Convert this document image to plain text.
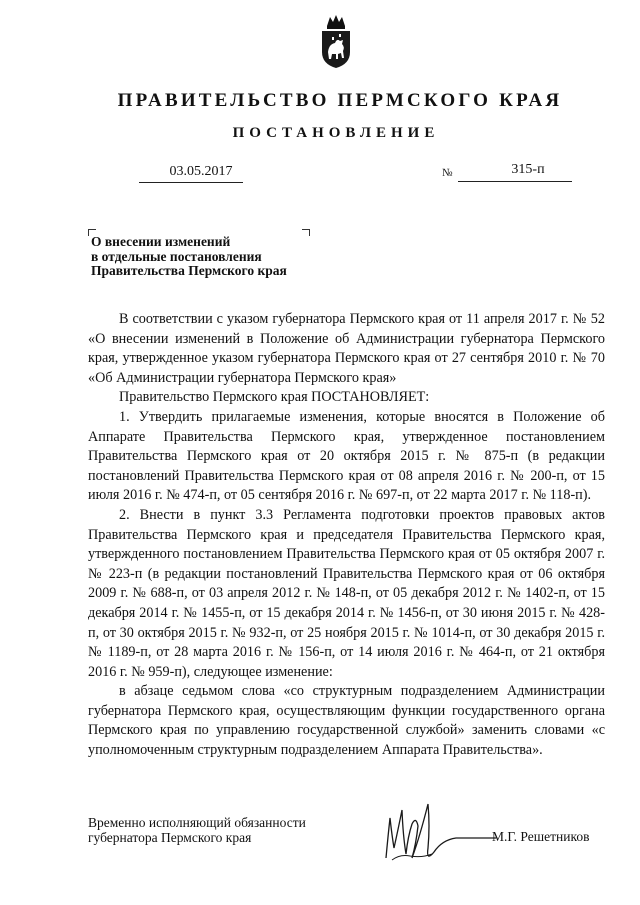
ПРАВИТЕЛЬСТВО ПЕРМСКОГО КРАЯ
ПОСТАНОВЛЕНИЕ
03.05.2017	№	315-п
О внесении изменений
в отдельные постановления
Правительства Пермского края

В соответствии с указом губернатора Пермского края от 11 апреля 2017 г. № 52 «О внесении изменений в Положение об Администрации губернатора Пермского края, утвержденное указом губернатора Пермского края от 27 сентября 2010 г. № 70 «Об Администрации губернатора Пермского края»

Правительство Пермского края ПОСТАНОВЛЯЕТ:

1. Утвердить прилагаемые изменения, которые вносятся в Положение об Аппарате Правительства Пермского края, утвержденное постановлением Правительства Пермского края от 20 октября 2015 г. № 875-п (в редакции постановлений Правительства Пермского края от 08 апреля 2016 г. № 200-п, от 15 июля 2016 г. № 474-п, от 05 сентября 2016 г. № 697-п, от 22 марта 2017 г. № 118-п).

2. Внести в пункт 3.3 Регламента подготовки проектов правовых актов Правительства Пермского края и председателя Правительства Пермского края, утвержденного постановлением Правительства Пермского края от 05 октября 2007 г. № 223-п (в редакции постановлений Правительства Пермского края от 06 октября 2009 г. № 688-п, от 03 апреля 2012 г. № 148-п, от 05 декабря 2012 г. № 1402-п, от 15 декабря 2014 г. № 1455-п, от 15 декабря 2014 г. № 1456-п, от 30 июня 2015 г. № 428-п, от 30 октября 2015 г. № 932-п, от 25 ноября 2015 г. № 1014-п, от 30 декабря 2015 г. № 1189-п, от 28 марта 2016 г. № 156-п, от 14 июля 2016 г. № 464-п, от 21 октября 2016 г. № 959-п), следующее изменение:

в абзаце седьмом слова «со структурным подразделением Администрации губернатора Пермского края, осуществляющим функции государственного органа Пермского края по управлению государственной службой» заменить словами «с уполномоченным структурным подразделением Аппарата Правительства».

Временно исполняющий обязанности
губернатора Пермского края	М.Г. Решетников
